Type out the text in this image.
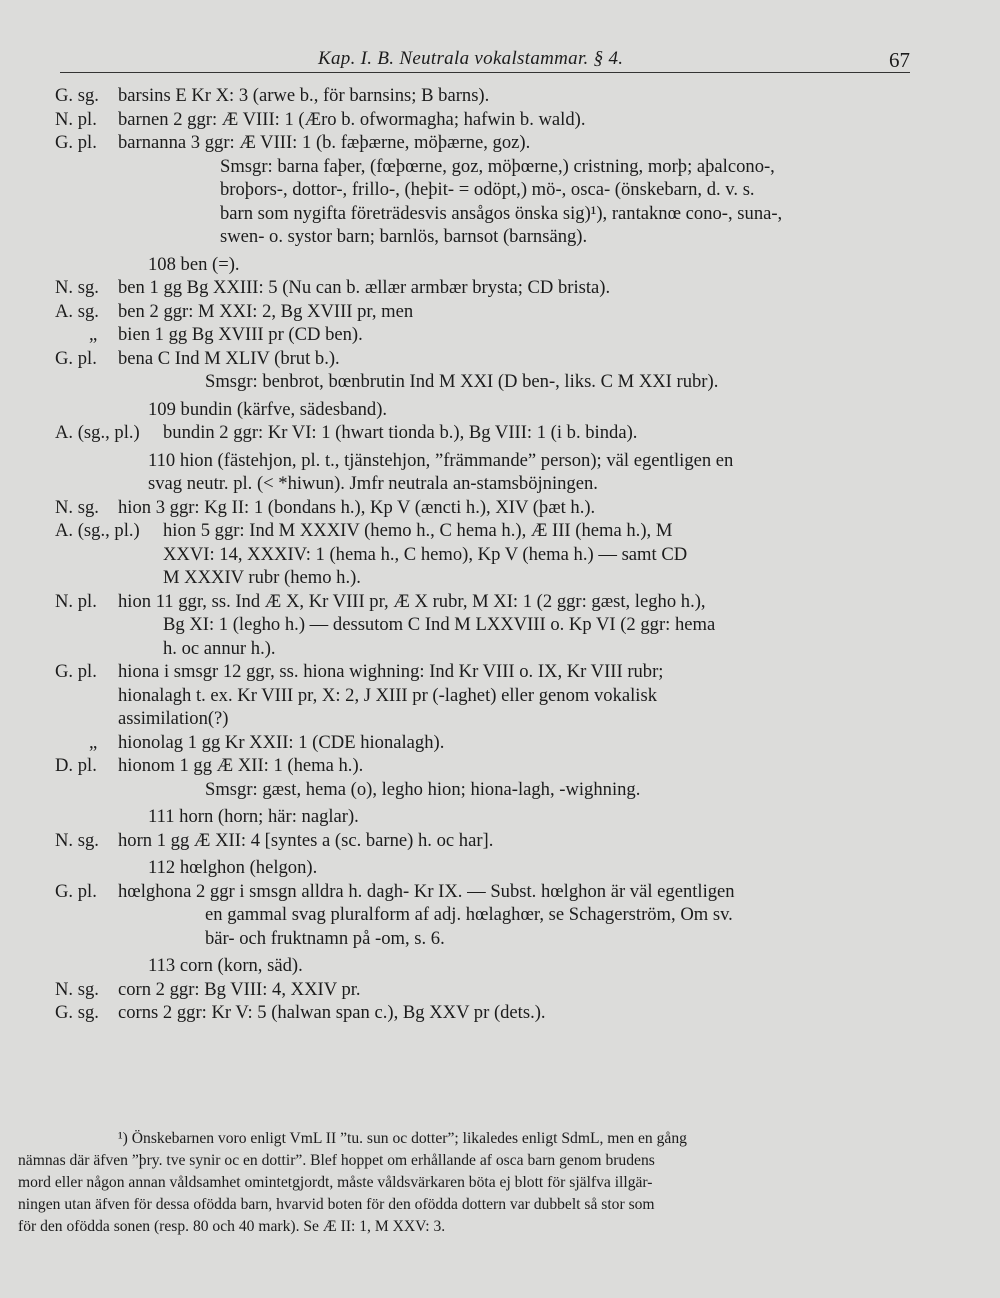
Kap. I. B. Neutrala vokalstammar. § 4.	67
G. sg. barsins E Kr X: 3 (arwe b., för barnsins; B barns).
N. pl. barnen 2 ggr: Æ VIII: 1 (Æro b. ofwormagha; hafwin b. wald).
G. pl. barnanna 3 ggr: Æ VIII: 1 (b. fæþærne, möþærne, goz).
Smsgr: barna faþer, (fœþœrne, goz, möþœrne,) cristning, morþ; aþalcono-,
broþors-, dottor-, frillo-, (heþit- = odöpt,) mö-, osca- (önskebarn, d. v. s.
barn som nygifta företrädesvis ansågos önska sig)¹), rantaknœ cono-, suna-,
swen- o. systor barn; barnlös, barnsot (barnsäng).
108 ben (=).
N. sg. ben 1 gg Bg XXIII: 5 (Nu can b. ællær armbær brysta; CD brista).
A. sg. ben 2 ggr: M XXI: 2, Bg XVIII pr, men
„ bien 1 gg Bg XVIII pr (CD ben).
G. pl. bena C Ind M XLIV (brut b.).
Smsgr: benbrot, bœnbrutin Ind M XXI (D ben-, liks. C M XXI rubr).
109 bundin (kärfve, sädesband).
A. (sg., pl.) bundin 2 ggr: Kr VI: 1 (hwart tionda b.), Bg VIII: 1 (i b. binda).
110 hion (fästehjon, pl. t., tjänstehjon, ”främmande” person); väl egentligen en
svag neutr. pl. (< *hiwun). Jmfr neutrala an-stamsböjningen.
N. sg. hion 3 ggr: Kg II: 1 (bondans h.), Kp V (æncti h.), XIV (þæt h.).
A. (sg., pl.) hion 5 ggr: Ind M XXXIV (hemo h., C hema h.), Æ III (hema h.), M
XXVI: 14, XXXIV: 1 (hema h., C hemo), Kp V (hema h.) — samt CD
M XXXIV rubr (hemo h.).
N. pl. hion 11 ggr, ss. Ind Æ X, Kr VIII pr, Æ X rubr, M XI: 1 (2 ggr: gæst, legho h.),
Bg XI: 1 (legho h.) — dessutom C Ind M LXXVIII o. Kp VI (2 ggr: hema
h. oc annur h.).
G. pl. hiona i smsgr 12 ggr, ss. hiona wighning: Ind Kr VIII o. IX, Kr VIII rubr;
hionalagh t. ex. Kr VIII pr, X: 2, J XIII pr (-laghet) eller genom vokalisk
assimilation(?)
„ hionolag 1 gg Kr XXII: 1 (CDE hionalagh).
D. pl. hionom 1 gg Æ XII: 1 (hema h.).
Smsgr: gæst, hema (o), legho hion; hiona-lagh, -wighning.
111 horn (horn; här: naglar).
N. sg. horn 1 gg Æ XII: 4 [syntes a (sc. barne) h. oc har].
112 hœlghon (helgon).
G. pl. hœlghona 2 ggr i smsgn alldra h. dagh- Kr IX. — Subst. hœlghon är väl egentligen
en gammal svag pluralform af adj. hœlaghœr, se Schagerström, Om sv.
bär- och fruktnamn på -om, s. 6.
113 corn (korn, säd).
N. sg. corn 2 ggr: Bg VIII: 4, XXIV pr.
G. sg. corns 2 ggr: Kr V: 5 (halwan span c.), Bg XXV pr (dets.).
¹) Önskebarnen voro enligt VmL II ”tu. sun oc dotter”; likaledes enligt SdmL, men en gång
nämnas där äfven ”þry. tve synir oc en dottir”. Blef hoppet om erhållande af osca barn genom brudens
mord eller någon annan våldsamhet omintetgjordt, måste våldsvärkaren böta ej blott för själfva illgär-
ningen utan äfven för dessa ofödda barn, hvarvid boten för den ofödda dottern var dubbelt så stor som
för den ofödda sonen (resp. 80 och 40 mark). Se Æ II: 1, M XXV: 3.
